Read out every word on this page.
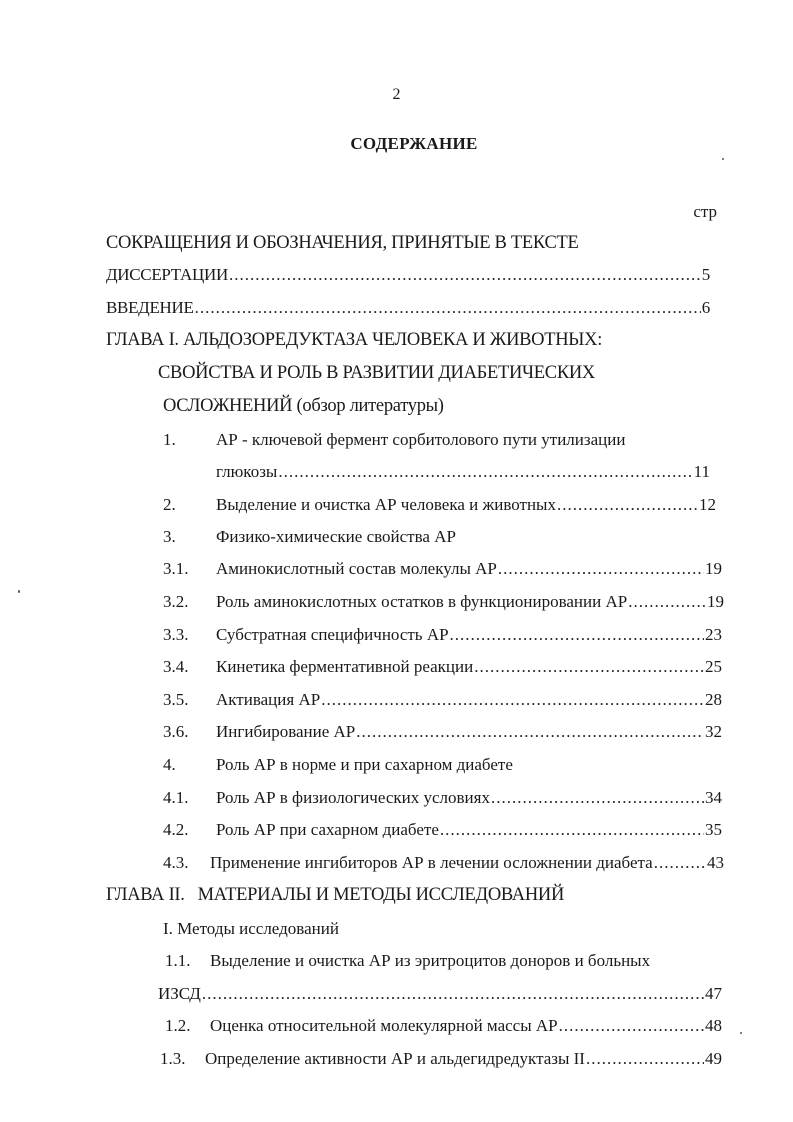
2
СОДЕРЖАНИЕ
стр
СОКРАЩЕНИЯ И ОБОЗНАЧЕНИЯ, ПРИНЯТЫЕ В ТЕКСТЕ
ДИССЕРТАЦИИ .....	5
ВВЕДЕНИЕ .....	6
ГЛАВА I. АЛЬДОЗОРЕДУКТАЗА ЧЕЛОВЕКА И ЖИВОТНЫХ:
СВОЙСТВА И РОЛЬ В РАЗВИТИИ ДИАБЕТИЧЕСКИХ
ОСЛОЖНЕНИЙ (обзор литературы)
1. АР - ключевой фермент сорбитолового пути утилизации
глюкозы .....	11
2. Выделение и очистка АР человека и животных .....	12
3. Физико-химические свойства АР
3.1. Аминокислотный состав молекулы АР .....	19
3.2. Роль аминокислотных остатков в функционировании АР .....	19
3.3. Субстратная специфичность АР .....	23
3.4. Кинетика ферментативной реакции .....	25
3.5. Активация АР .....	28
3.6. Ингибирование АР .....	32
4. Роль АР в норме и при сахарном диабете
4.1. Роль АР в физиологических условиях .....	34
4.2. Роль АР при сахарном диабете .....	35
4.3. Применение ингибиторов АР в лечении осложнении диабета .....	43
ГЛАВА II.   МАТЕРИАЛЫ И МЕТОДЫ ИССЛЕДОВАНИЙ
I. Методы исследований
1.1. Выделение и очистка АР из эритроцитов доноров и больных
ИЗСД .....	47
1.2. Оценка относительной молекулярной массы АР .....	48
1.3. Определение активности АР и альдегидредуктазы II .....	49
